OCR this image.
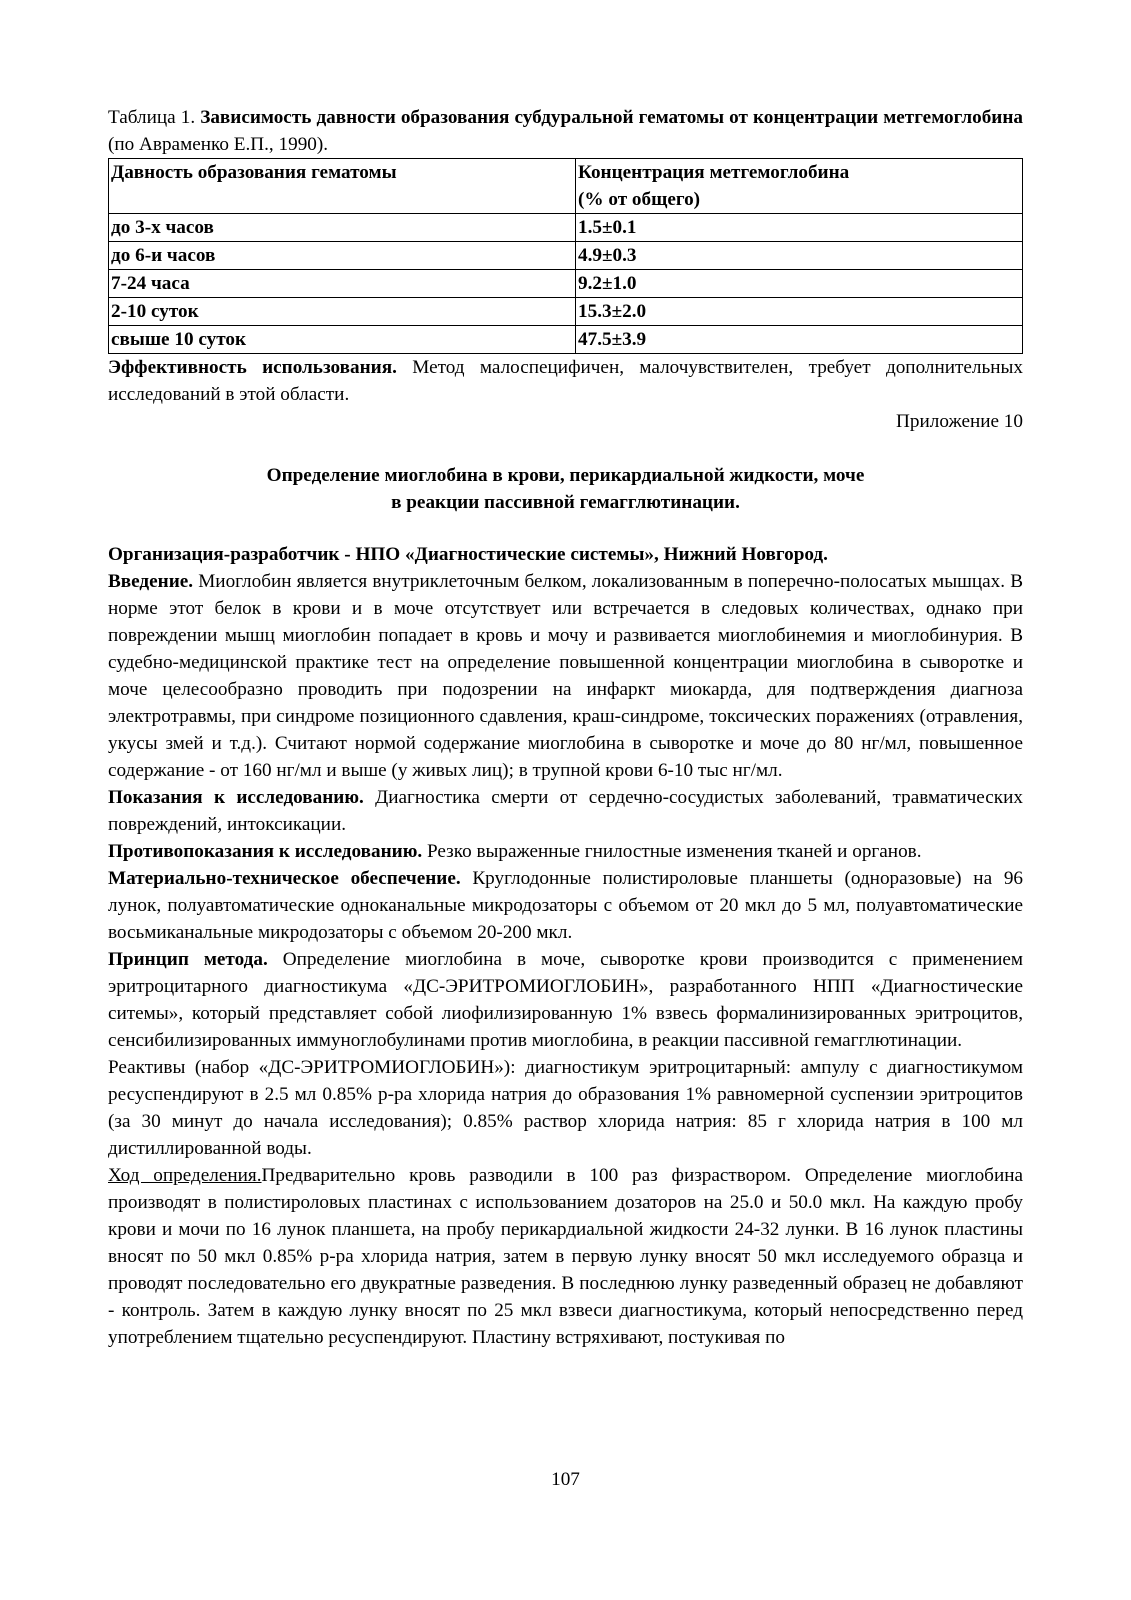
Таблица 1. Зависимость давности образования субдуральной гематомы от концентрации метгемоглобина (по Авраменко Е.П., 1990).

Давность образования гематомы	Концентрация метгемоглобина
(% от общего)
до 3-х часов	1.5±0.1
до 6-и часов	4.9±0.3
7-24 часа	9.2±1.0
2-10 суток	15.3±2.0
свыше 10 суток	47.5±3.9

Эффективность использования. Метод малоспецифичен, малочувствителен, требует дополнительных исследований в этой области.

Приложение 10

Определение миоглобина в крови, перикардиальной жидкости, моче
в реакции пассивной гемагглютинации.

Организация-разработчик - НПО «Диагностические системы», Нижний Новгород.

Введение. Миоглобин является внутриклеточным белком, локализованным в поперечно-полосатых мышцах. В норме этот белок в крови и в моче отсутствует или встречается в следовых количествах, однако при повреждении мышц миоглобин попадает в кровь и мочу и развивается миоглобинемия и миоглобинурия. В судебно-медицинской практике тест на определение повышенной концентрации миоглобина в сыворотке и моче целесообразно проводить при подозрении на инфаркт миокарда, для подтверждения диагноза электротравмы, при синдроме позиционного сдавления, краш-синдроме, токсических поражениях (отравления, укусы змей и т.д.). Считают нормой содержание миоглобина в сыворотке и моче до 80 нг/мл, повышенное содержание - от 160 нг/мл и выше (у живых лиц); в трупной крови 6-10 тыс нг/мл.

Показания к исследованию. Диагностика смерти от сердечно-сосудистых заболеваний, травматических повреждений, интоксикации.

Противопоказания к исследованию. Резко выраженные гнилостные изменения тканей и органов.

Материально-техническое обеспечение. Круглодонные полистироловые планшеты (одноразовые) на 96 лунок, полуавтоматические одноканальные микродозаторы с объемом от 20 мкл до 5 мл, полуавтоматические восьмиканальные микродозаторы с объемом 20-200 мкл.

Принцип метода. Определение миоглобина в моче, сыворотке крови производится с применением эритроцитарного диагностикума «ДС-ЭРИТРОМИОГЛОБИН», разработанного НПП «Диагностические ситемы», который представляет собой лиофилизированную 1% взвесь формалинизированных эритроцитов, сенсибилизированных иммуноглобулинами против миоглобина, в реакции пассивной гемагглютинации.

Реактивы (набор «ДС-ЭРИТРОМИОГЛОБИН»): диагностикум эритроцитарный: ампулу с диагностикумом ресуспендируют в 2.5 мл 0.85% р-ра хлорида натрия до образования 1% равномерной суспензии эритроцитов (за 30 минут до начала исследования); 0.85% раствор хлорида натрия: 85 г хлорида натрия в 100 мл дистиллированной воды.

Ход определения.Предварительно кровь разводили в 100 раз физраствором. Определение миоглобина производят в полистироловых пластинах с использованием дозаторов на 25.0 и 50.0 мкл. На каждую пробу крови и мочи по 16 лунок планшета, на пробу перикардиальной жидкости 24-32 лунки. В 16 лунок пластины вносят по 50 мкл 0.85% р-ра хлорида натрия, затем в первую лунку вносят 50 мкл исследуемого образца и проводят последовательно его двукратные разведения. В последнюю лунку разведенный образец не добавляют - контроль. Затем в каждую лунку вносят по 25 мкл взвеси диагностикума, который непосредственно перед употреблением тщательно ресуспендируют. Пластину встряхивают, постукивая по

107
